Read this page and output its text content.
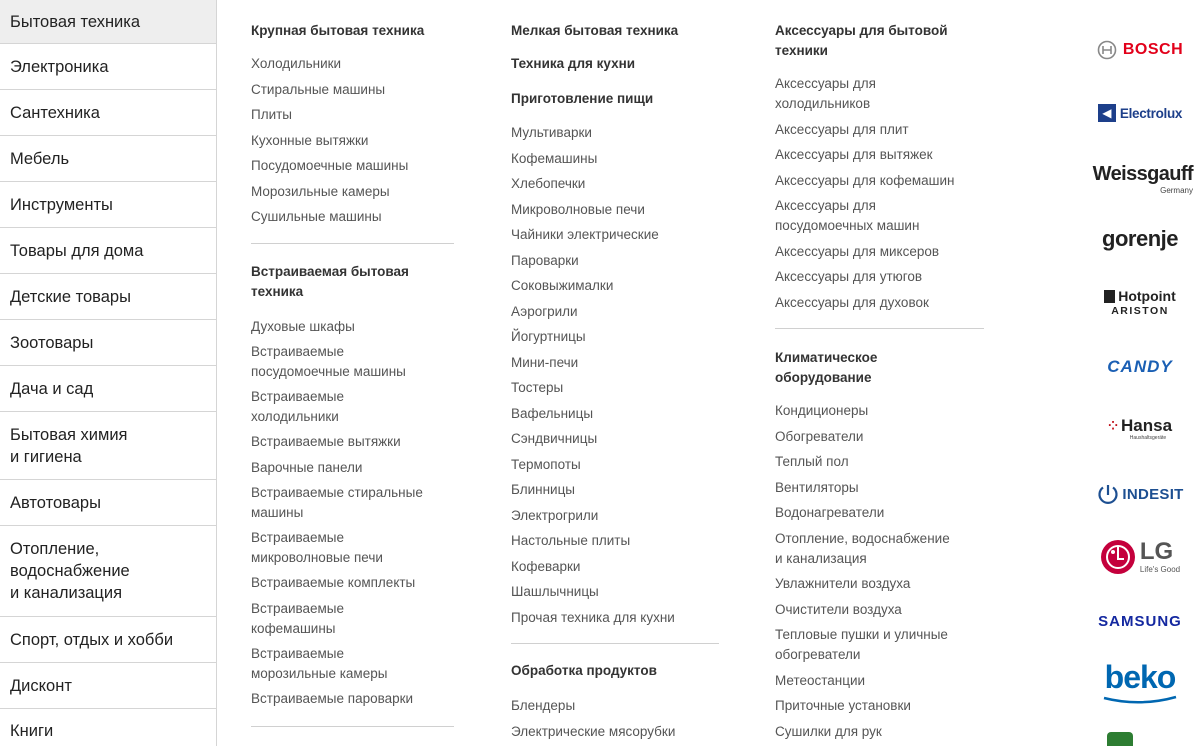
Бытовая техника
Электроника
Сантехника
Мебель
Инструменты
Товары для дома
Детские товары
Зоотовары
Дача и сад
Бытовая химия
и гигиена
Автотовары
Отопление,
водоснабжение
и канализация
Спорт, отдых и хобби
Дисконт
Книги
Крупная бытовая техника
Холодильники
Стиральные машины
Плиты
Кухонные вытяжки
Посудомоечные машины
Морозильные камеры
Сушильные машины
Встраиваемая бытовая
техника
Духовые шкафы
Встраиваемые
посудомоечные машины
Встраиваемые
холодильники
Встраиваемые вытяжки
Варочные панели
Встраиваемые стиральные
машины
Встраиваемые
микроволновые печи
Встраиваемые комплекты
Встраиваемые
кофемашины
Встраиваемые
морозильные камеры
Встраиваемые пароварки
Мелкая бытовая техника
Техника для кухни
Приготовление пищи
Мультиварки
Кофемашины
Хлебопечки
Микроволновые печи
Чайники электрические
Пароварки
Соковыжималки
Аэрогрили
Йогуртницы
Мини-печи
Тостеры
Вафельницы
Сэндвичницы
Термопоты
Блинницы
Электрогрили
Настольные плиты
Кофеварки
Шашлычницы
Прочая техника для кухни
Обработка продуктов
Блендеры
Электрические мясорубки
Аксессуары для бытовой
техники
Аксессуары для
холодильников
Аксессуары для плит
Аксессуары для вытяжек
Аксессуары для кофемашин
Аксессуары для
посудомоечных машин
Аксессуары для миксеров
Аксессуары для утюгов
Аксессуары для духовок
Климатическое
оборудование
Кондиционеры
Обогреватели
Теплый пол
Вентиляторы
Водонагреватели
Отопление, водоснабжение
и канализация
Увлажнители воздуха
Очистители воздуха
Тепловые пушки и уличные
обогреватели
Метеостанции
Приточные установки
Сушилки для рук
BOSCH
◀ Electrolux
Weissgauff
Germany
gorenje
Hotpoint
ARISTON
CANDY
⁘ Hansa
Haushaltsgeräte
INDESIT
LG
Life's Good
SAMSUNG
beko
